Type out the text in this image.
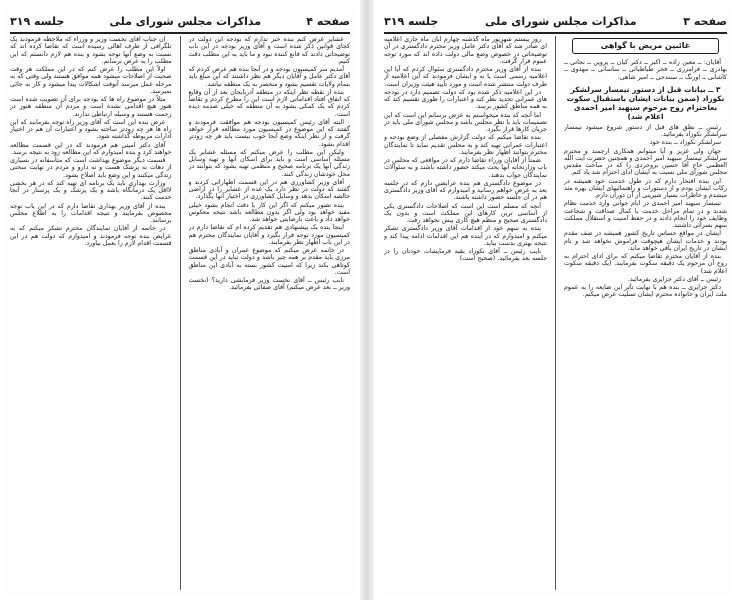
صفحه ۴
مذاکرات مجلس شورای ملی
جلسه ۳۱۹

عشایر عرض کنم بنده خبر ندارم که بودجه این دولت در کجای قوانین ذکر شده است و آقای وزیر بودجه در این باب توضیحاتی دادند که قانع کننده نبود و ما باید به این مطلب دقت کنیم.

آمدیم سر کمیسیون بودجه و در آنجا بنده هم عرض کردم که آقای دکتر عامل و آقایان دیگر هم نظر داشتند که این مبلغ باید بتمام ولایات تقسیم بشود و منحصر به یک منطقه نباشد.

بنده از نقطه نظر اینکه در منطقه آذربایجان بعد از آن وقایع که اتفاق افتاد اقداماتی لازم است این را مطرح کردم و تقاضا کردم که یک کمکی بشود به آن منطقه که خیلی صدمه دیده است.

البته آقای رئیس کمیسیون بودجه هم موافقت فرمودند و گفتند که این موضوع در کمیسیون مورد مطالعه قرار خواهد گرفت و از نظر اینکه وضع آنجا خوب نیست باید هر چه زودتر اقدام بشود.

ولیکن این مطلب را عرض میکنم که مسئله عشایر یک مسئله اساسی است و باید برای اسکان آنها و تهیه وسایل زندگی آنها یک برنامه صحیح و منظمی تهیه بشود که بتوانند در محل خودشان زندگی کنند.

آقای وزیر کشاورزی هم در این قسمت اظهاراتی کردند و گفتند که دولت در نظر دارد یک عده از عشایر را در اراضی خالصه اسکان بدهد و وسایل کشاورزی در اختیار آنها بگذارد.

بنده تصور میکنم که اگر این کار با دقت انجام بشود خیلی مفید خواهد بود ولی اگر بدون مطالعه باشد نتیجه معکوس خواهد داد و باعث نارضایتی خواهد شد.

اینجا بنده یک پیشنهادی هم تقدیم کرده ام که تقاضا دارم در کمیسیون مورد توجه قرار بگیرد و آقایان نمایندگان محترم هم در این باب اظهار نظر بفرمایند.

در خاتمه عرض میکنم که موضوع عمران و آبادی مناطق مرزی باید مقدم بر همه چیز باشد و دولت نباید در این قسمت کوتاهی بکند زیرا که امنیت کشور بسته به آبادی این مناطق است.

نایب رئیس ــ آقای نخست وزیر فرمایشی دارید؟ (نخست وزیر ــ بعد عرض میکنم) آقای صفائی بفرمائید.

آن جناب آقای نخست وزیر و وزراء که ملاحظه فرمودند یک تلگرافی از طرف اهالی رسیده است که تقاضا کرده اند که نسبت به وضع آنها توجه بشود و بنده هم لازم دانستم که این مطلب را به عرض برسانم.

اولاً این مطلب را عرض کنم که در این مملکت هر وقت صحبت از اصلاحات میشود همه موافق هستند ولی وقتی که به مرحله عمل میرسد آنوقت اشکالات پیدا میشود و کار به جائی نمیرسد.

مثلاً در موضوع راه ها که بودجه برای آن تصویب شده است هنوز هیچ اقدامی نشده است و مردم آن منطقه هنوز در زحمت هستند و وسیله ارتباطی ندارند.

عرض بنده این است که آقای وزیر راه توجه بفرمایند که این راه ها هر چه زودتر ساخته بشود و اعتبارات آن هم در اختیار ادارات مربوطه گذاشته شود.

آقای دکتر امینی هم فرمودند که در این قسمت مطالعه خواهند کرد و بنده امیدوارم که این مطالعه زود به نتیجه برسد.

قسمت دیگر موضوع بهداشت است که متأسفانه در بسیاری از دهات نه پزشک هست و نه دارو و مردم در نهایت سختی زندگی میکنند و این وضع باید اصلاح بشود.

وزارت بهداری باید یک برنامه ای تهیه کند که در هر بخشی لااقل یک درمانگاه باشد و یک پزشک و یک پرستار در آنجا خدمت کنند.

بنده از آقای وزیر بهداری تقاضا دارم که در این باب توجه مخصوص بفرمایند و نتیجه اقدامات را به اطلاع مجلس برسانند.

در خاتمه از آقایان نمایندگان محترم تشکر میکنم که به عرایض بنده توجه فرمودند و امیدوارم که دولت هم در این قسمت اقدام لازم را بعمل بیاورد.

صفحه ۳
مذاکرات مجلس شورای ملی
جلسه ۳۱۹
غائبین مریض با گواهی

آقایان: ــ معین زاده ــ اکبر ــ دکتر کیان ــ پروین ــ نجاتی ــ بهادری ــ فرامرزی ــ فخر طباطبائی ــ ساسانی ــ مهدوی ــ کاشانی ــ اورنگ ــ سنندجی ــ امیر شاهی.

۳ ــ بیانات قبل از دستور تیمسار سرلشکر نکوزاد (ضمن بیانات ایشان باستقبال سکوت بعاحترام روح مرحوم سپهبد امیر احمدی اعلام شد)

رئیس ــ نطق های قبل از دستور شروع میشود تیمسار سرلشکر نکوزاد بفرمائید.

سرلشکر نکوزاد ــ بنده خود

جهان ولی عزیز و آیا میتوانم همکاری ارجمند و محترم سرلشکر تیمسار سپهبد امیر احمدی و همچنین حضرت آیت الله العظمی حاج آقا حسین بروجردی را که در ساحت مقدس مجلس شورای ملی نسبت به ایشان ادای احترام شد یاد کنم.

این بنده افتخار دارم که در طول خدمت خود همیشه در رکاب ایشان بودم و از دستورات و راهنمائیهای ایشان بهره مند میشدم و خاطرات بسیار شیرینی از آن دوران دارم.

تیمسار سپهبد امیر احمدی در ایام جوانی وارد خدمت نظام شدند و در تمام مراحل خدمت با کمال صداقت و شجاعت وظایف خود را انجام دادند و در حفظ امنیت و استقلال مملکت سهم بسزائی داشتند.

ایشان در مواقع حساس تاریخ کشور همیشه در صف مقدم بودند و خدمات ایشان هیچوقت فراموش نخواهد شد و نام ایشان در تاریخ ایران باقی خواهد ماند.

بنده از آقایان محترم تقاضا میکنم که برای ادای احترام به روح آن مرحوم یک دقیقه سکوت بفرمایند. (یک دقیقه سکوت اعلام شد)

رئیس ــ آقای دکتر جزایری بفرمائید.

دکتر جزایری ــ بنده هم با نهایت تأثر این ضایعه را به عموم ملت ایران و خانواده محترم ایشان تسلیت عرض میکنم.

روز بیستم شهریور ماه گذشته چهارم آبان ماه جاری اعلامیه ای صادر شد که آقای دکتر عامل وزیر محترم دادگستری در آن توضیحاتی در خصوص وضع مالی دولت داده اند که مورد توجه عموم قرار گرفت.

بنده از آقای وزیر محترم دادگستری سئوال کردم که آیا این اعلامیه رسمی است یا نه و ایشان فرمودند که این اعلامیه از طرف دولت منتشر شده است و مورد تأیید هیئت وزیران است.

در این اعلامیه ذکر شده بود که دولت تصمیم دارد در بودجه های عمرانی تجدید نظر کند و اعتبارات را طوری تقسیم کند که به همه مناطق کشور برسد.

اما آنچه که بنده میخواستم به عرض برسانم این است که این تصمیمات باید با نظر مجلس باشد و مجلس شورای ملی باید در جریان کارها قرار بگیرد.

بنده تقاضا میکنم که دولت گزارش مفصلی از وضع بودجه و اعتبارات عمرانی تهیه کند و به مجلس تقدیم نماید تا نمایندگان محترم بتوانند اظهار نظر بفرمایند.

ضمناً از آقایان وزراء تقاضا دارم که در مواقعی که مجلس در باب وزارتخانه آنها بحث میکند حضور داشته باشند و به سئوالات نمایندگان جواب بدهند.

در موضوع دادگستری هم بنده عرایضی دارم که در جلسه بعد به عرض خواهم رسانید و امیدوارم که آقای وزیر دادگستری هم در آن جلسه حضور داشته باشند.

آنچه که مسلم است این است که اصلاحات دادگستری یکی از اساسی ترین کارهای این مملکت است و بدون یک دادگستری صحیح و منظم هیچ کاری پیش نخواهد رفت.

بنده به سهم خود از اقدامات آقای وزیر دادگستری تشکر میکنم و امیدوارم که در آینده هم این اقدامات ادامه پیدا کند و نتیجه بهتری بدست بیاید.

نایب رئیس ــ آقای نکوزاد بقیه فرمایشات خودتان را در جلسه بعد بفرمائید. (صحیح است)
